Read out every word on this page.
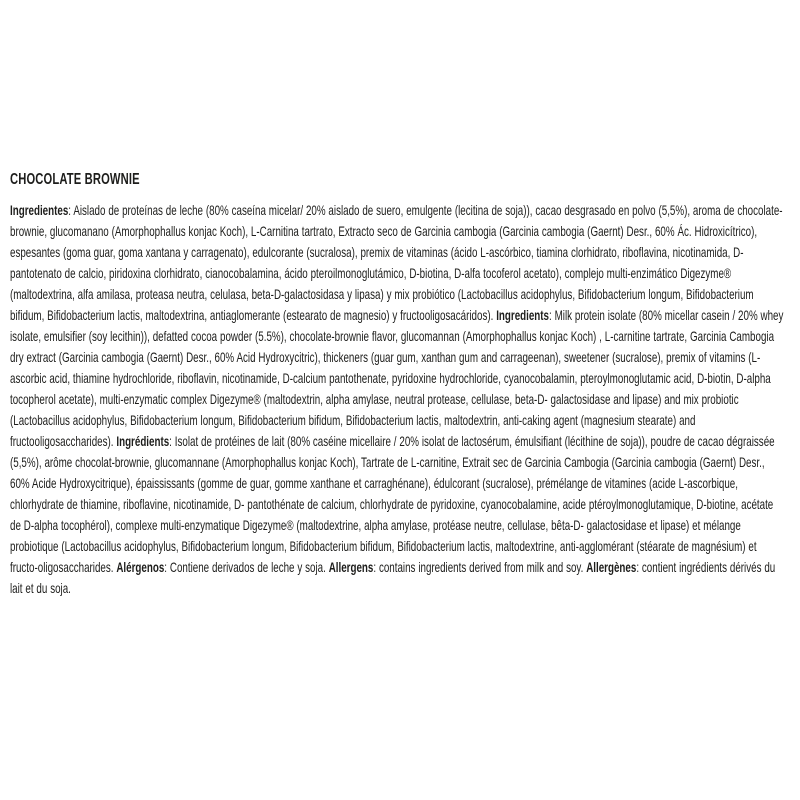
CHOCOLATE BROWNIE

Ingredientes: Aislado de proteínas de leche (80% caseína micelar/ 20% aislado de suero, emulgente (lecitina de soja)), cacao desgrasado en polvo (5,5%), aroma de chocolate-brownie, glucomanano (Amorphophallus konjac Koch), L-Carnitina tartrato, Extracto seco de Garcinia cambogia (Garcinia cambogia (Gaernt) Desr., 60% Ác. Hidroxicítrico), espesantes (goma guar, goma xantana y carragenato), edulcorante (sucralosa), premix de vitaminas (ácido L-ascórbico, tiamina clorhidrato, riboflavina, nicotinamida, D-pantotenato de calcio, piridoxina clorhidrato, cianocobalamina, ácido pteroilmonoglutámico, D-biotina, D-alfa tocoferol acetato), complejo multi-enzimático Digezyme® (maltodextrina, alfa amilasa, proteasa neutra, celulasa, beta-D-galactosidasa y lipasa) y mix probiótico (Lactobacillus acidophylus, Bifidobacterium longum, Bifidobacterium bifidum, Bifidobacterium lactis, maltodextrina, antiaglomerante (estearato de magnesio) y fructooligosacáridos). Ingredients: Milk protein isolate (80% micellar casein / 20% whey isolate, emulsifier (soy lecithin)), defatted cocoa powder (5.5%), chocolate-brownie flavor, glucomannan (Amorphophallus konjac Koch) , L-carnitine tartrate, Garcinia Cambogia dry extract (Garcinia cambogia (Gaernt) Desr., 60% Acid Hydroxycitric), thickeners (guar gum, xanthan gum and carrageenan), sweetener (sucralose), premix of vitamins (L-ascorbic acid, thiamine hydrochloride, riboflavin, nicotinamide, D-calcium pantothenate, pyridoxine hydrochloride, cyanocobalamin, pteroylmonoglutamic acid, D-biotin, D-alpha tocopherol acetate), multi-enzymatic complex Digezyme® (maltodextrin, alpha amylase, neutral protease, cellulase, beta-D- galactosidase and lipase) and mix probiotic (Lactobacillus acidophylus, Bifidobacterium longum, Bifidobacterium bifidum, Bifidobacterium lactis, maltodextrin, anti-caking agent (magnesium stearate) and fructooligosaccharides). Ingrédients: Isolat de protéines de lait (80% caséine micellaire / 20% isolat de lactosérum, émulsifiant (lécithine de soja)), poudre de cacao dégraissée (5,5%), arôme chocolat-brownie, glucomannane (Amorphophallus konjac Koch), Tartrate de L-carnitine, Extrait sec de Garcinia Cambogia (Garcinia cambogia (Gaernt) Desr., 60% Acide Hydroxycitrique), épaississants (gomme de guar, gomme xanthane et carraghénane), édulcorant (sucralose), prémélange de vitamines (acide L-ascorbique, chlorhydrate de thiamine, riboflavine, nicotinamide, D- pantothénate de calcium, chlorhydrate de pyridoxine, cyanocobalamine, acide ptéroylmonoglutamique, D-biotine, acétate de D-alpha tocophérol), complexe multi-enzymatique Digezyme® (maltodextrine, alpha amylase, protéase neutre, cellulase, bêta-D- galactosidase et lipase) et mélange probiotique (Lactobacillus acidophylus, Bifidobacterium longum, Bifidobacterium bifidum, Bifidobacterium lactis, maltodextrine, anti-agglomérant (stéarate de magnésium) et fructo-oligosaccharides. Alérgenos: Contiene derivados de leche y soja. Allergens: contains ingredients derived from milk and soy. Allergènes: contient ingrédients dérivés du lait et du soja.
